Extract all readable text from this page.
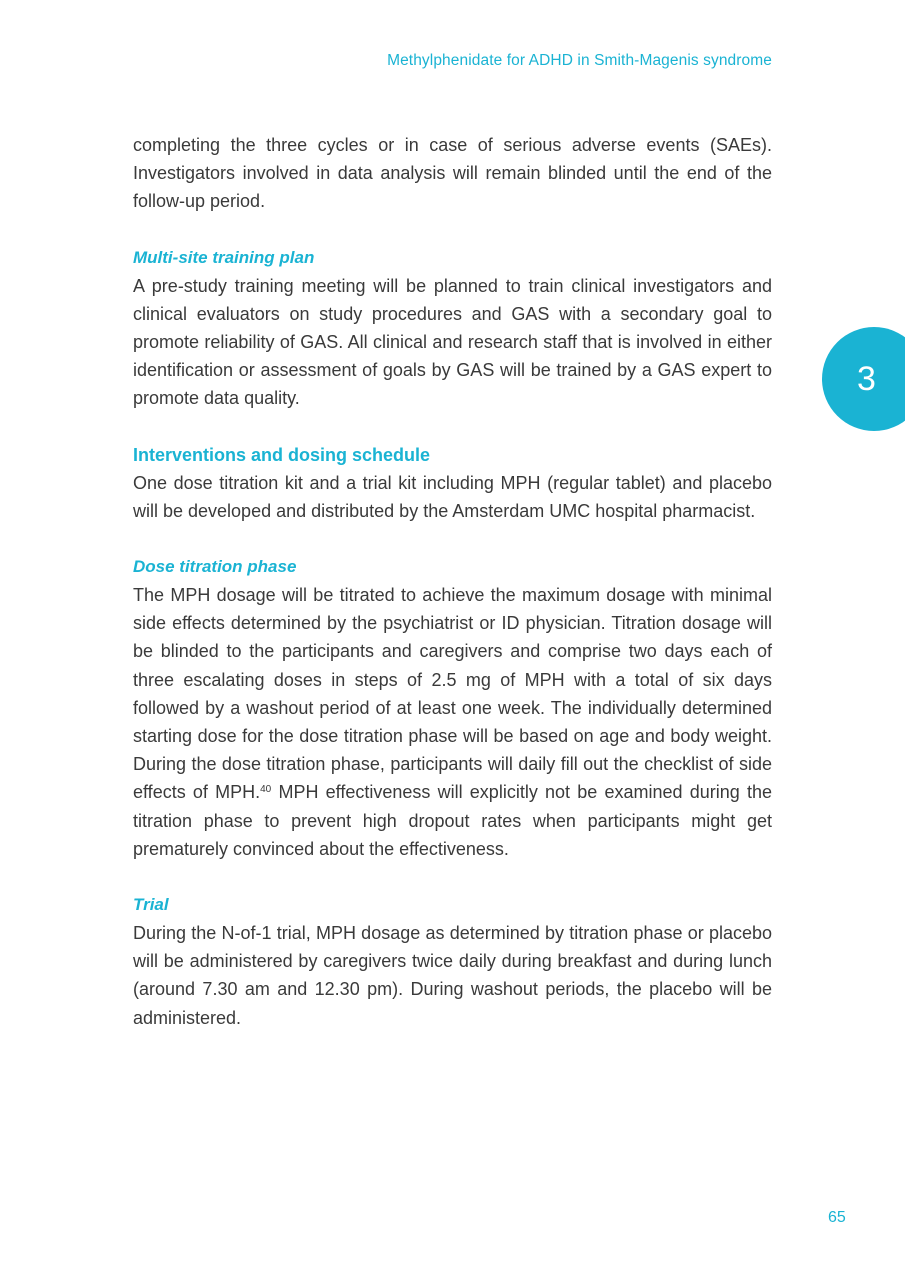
Methylphenidate for ADHD in Smith-Magenis syndrome
3

completing the three cycles or in case of serious adverse events (SAEs). Investigators involved in data analysis will remain blinded until the end of the follow-up period.

Multi-site training plan

A pre-study training meeting will be planned to train clinical investigators and clinical evaluators on study procedures and GAS with a secondary goal to promote reliability of GAS. All clinical and research staff that is involved in either identification or assessment of goals by GAS will be trained by a GAS expert to promote data quality.

Interventions and dosing schedule

One dose titration kit and a trial kit including MPH (regular tablet) and placebo will be developed and distributed by the Amsterdam UMC hospital pharmacist.

Dose titration phase

The MPH dosage will be titrated to achieve the maximum dosage with minimal side effects determined by the psychiatrist or ID physician. Titration dosage will be blinded to the participants and caregivers and comprise two days each of three escalating doses in steps of 2.5 mg of MPH with a total of six days followed by a washout period of at least one week. The individually determined starting dose for the dose titration phase will be based on age and body weight. During the dose titration phase, participants will daily fill out the checklist of side effects of MPH.$^{40}$ MPH effectiveness will explicitly not be examined during the titration phase to prevent high dropout rates when participants might get prematurely convinced about the effectiveness.

Trial

During the N-of-1 trial, MPH dosage as determined by titration phase or placebo will be administered by caregivers twice daily during breakfast and during lunch (around 7.30 am and 12.30 pm). During washout periods, the placebo will be administered.

65
